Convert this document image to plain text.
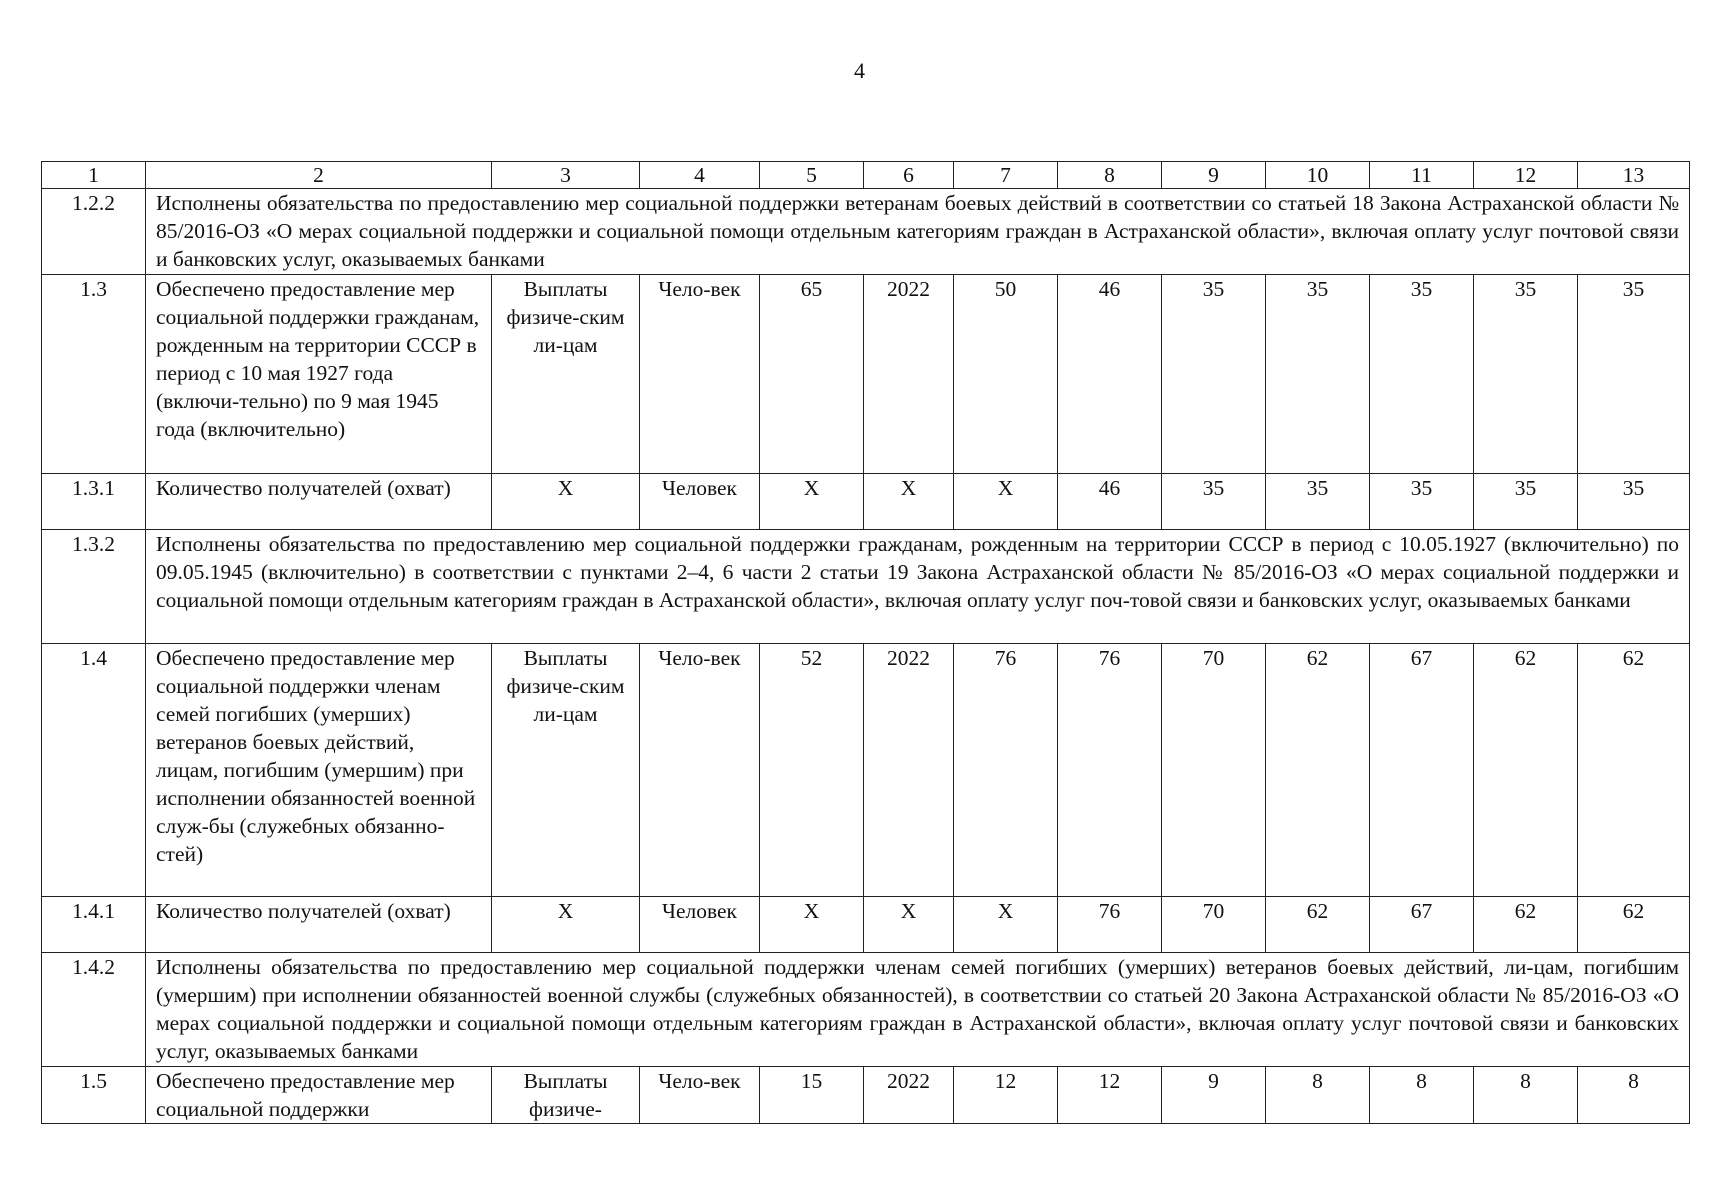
4
1	2	3	4	5	6	7	8	9	10	11	12	13
1.2.2	Исполнены обязательства по предоставлению мер социальной поддержки ветеранам боевых действий в соответствии со статьей 18 Закона Астраханской области № 85/2016-ОЗ «О мерах социальной поддержки и социальной помощи отдельным категориям граждан в Астраханской области», включая оплату услуг почтовой связи и банковских услуг, оказываемых банками											
1.3	Обеспечено предоставление мер социальной поддержки гражданам, рожденным на территории СССР в период с 10 мая 1927 года (включи-тельно) по 9 мая 1945 года (включительно)	Выплаты физиче-ским ли-цам	Чело-век	65	2022	50	46	35	35	35	35	35
1.3.1	Количество получателей (охват)	X	Человек	X	X	X	46	35	35	35	35	35
1.3.2	Исполнены обязательства по предоставлению мер социальной поддержки гражданам, рожденным на территории СССР в период с 10.05.1927 (включительно) по 09.05.1945 (включительно) в соответствии с пунктами 2–4, 6 части 2 статьи 19 Закона Астраханской области № 85/2016-ОЗ «О мерах социальной поддержки и социальной помощи отдельным категориям граждан в Астраханской области», включая оплату услуг поч-товой связи и банковских услуг, оказываемых банками											
1.4	Обеспечено предоставление мер социальной поддержки членам семей погибших (умерших) ветеранов боевых действий, лицам, погибшим (умершим) при исполнении обязанностей военной служ-бы (служебных обязанно-стей)	Выплаты физиче-ским ли-цам	Чело-век	52	2022	76	76	70	62	67	62	62
1.4.1	Количество получателей (охват)	X	Человек	X	X	X	76	70	62	67	62	62
1.4.2	Исполнены обязательства по предоставлению мер социальной поддержки членам семей погибших (умерших) ветеранов боевых действий, ли-цам, погибшим (умершим) при исполнении обязанностей военной службы (служебных обязанностей), в соответствии со статьей 20 Закона Астраханской области № 85/2016-ОЗ «О мерах социальной поддержки и социальной помощи отдельным категориям граждан в Астраханской области», включая оплату услуг почтовой связи и банковских услуг, оказываемых банками											
1.5	Обеспечено предоставление мер социальной поддержки	Выплаты физиче-	Чело-век	15	2022	12	12	9	8	8	8	8
